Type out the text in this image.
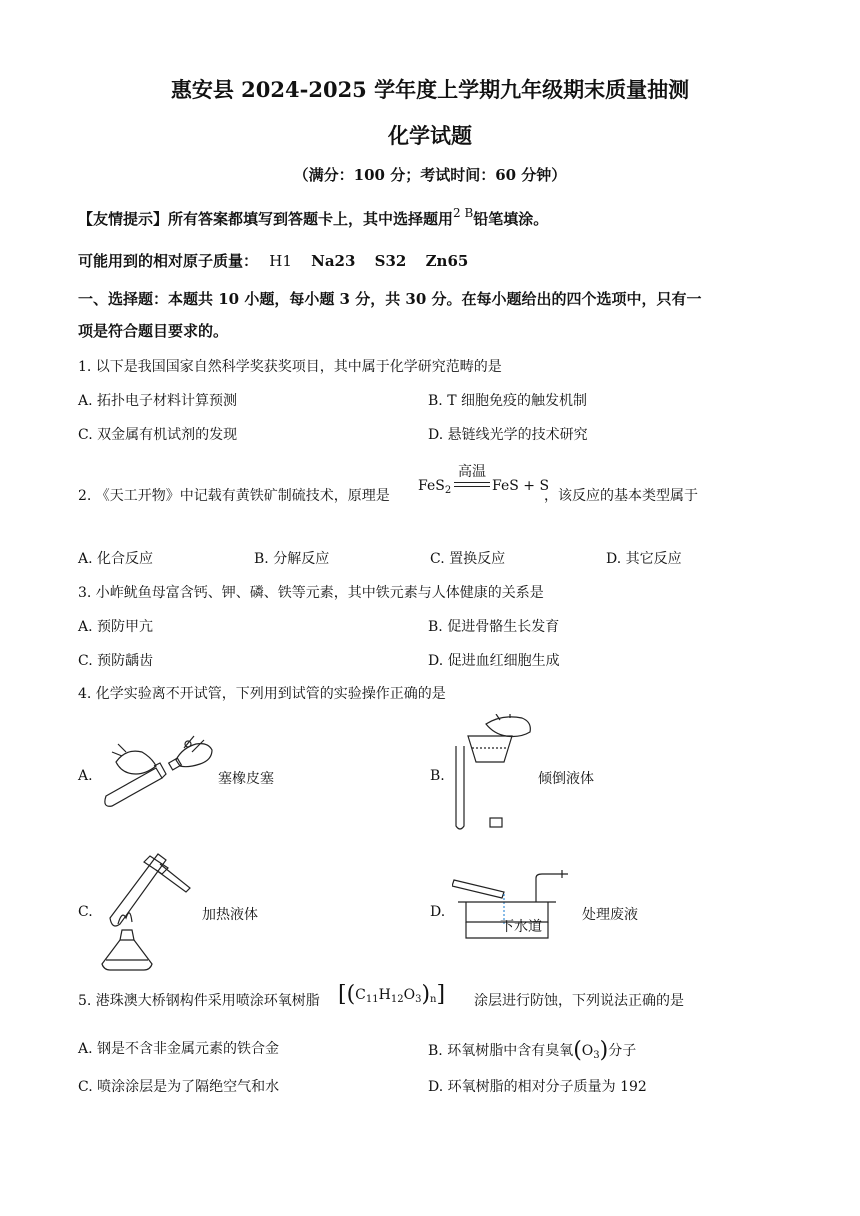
惠安县 2024-2025 学年度上学期九年级期末质量抽测
化学试题
（满分：100 分；考试时间：60 分钟）
【友情提示】所有答案都填写到答题卡上，其中选择题用$^{2 B}$铅笔填涂。
可能用到的相对原子质量： H1 Na23 S32 Zn65
一、选择题：本题共 10 小题，每小题 3 分，共 30 分。在每小题给出的四个选项中，只有一
项是符合题目要求的。
1. 以下是我国国家自然科学奖获奖项目，其中属于化学研究范畴的是
A. 拓扑电子材料计算预测	B. T 细胞免疫的触发机制
C. 双金属有机试剂的发现	D. 悬链线光学的技术研究
2. 《天工开物》中记载有黄铁矿制硫技术，原理是
FeS$_2$
高温
FeS + S
，该反应的基本类型属于
A. 化合反应	B. 分解反应	C. 置换反应	D. 其它反应
3. 小岞鱿鱼母富含钙、钾、磷、铁等元素，其中铁元素与人体健康的关系是
A. 预防甲亢	B. 促进骨骼生长发育
C. 预防龋齿	D. 促进血红细胞生成
4. 化学实验离不开试管，下列用到试管的实验操作正确的是
A.	塞橡皮塞	B.	倾倒液体
C.	加热液体	D.
下水道
处理废液
5. 港珠澳大桥钢构件采用喷涂环氧树脂 $[(C_{11}H_{12}O_3)_n]$ 涂层进行防蚀，下列说法正确的是
A. 钢是不含非金属元素的铁合金	B. 环氧树脂中含有臭氧$(O_3)$分子
C. 喷涂涂层是为了隔绝空气和水	D. 环氧树脂的相对分子质量为 192
